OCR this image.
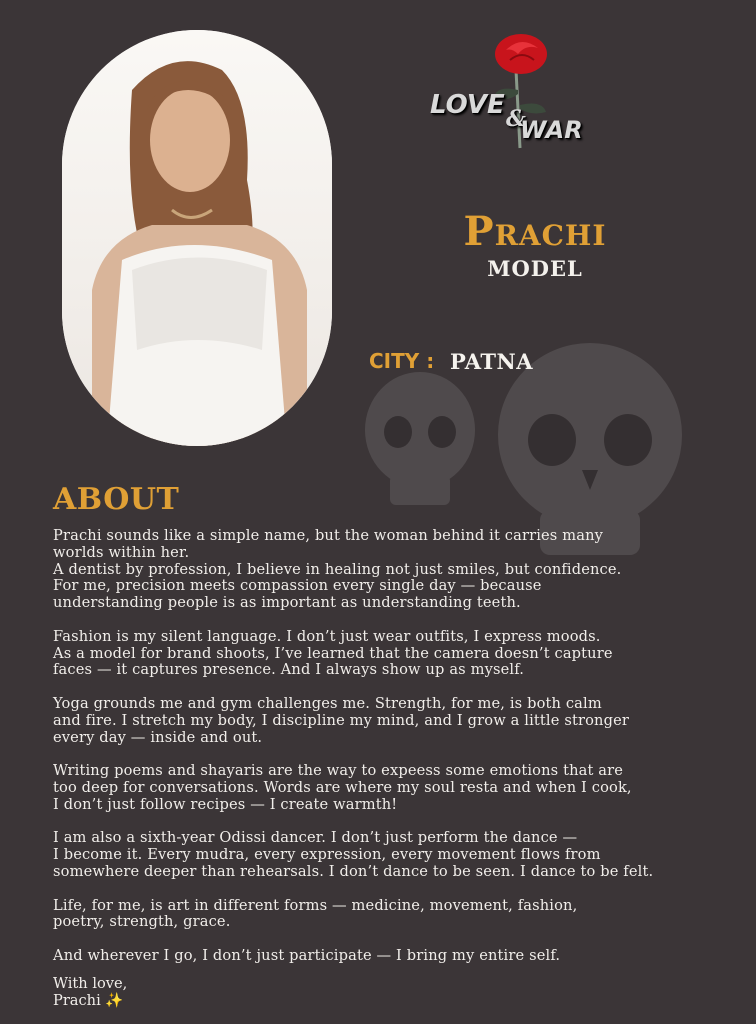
LOVE &
WAR
Prachi
MODEL
CITY : PATNA
ABOUT

Prachi sounds like a simple name, but the woman behind it carries many
worlds within her.
A dentist by profession, I believe in healing not just smiles, but confidence.
For me, precision meets compassion every single day — because
understanding people is as important as understanding teeth.

Fashion is my silent language. I don’t just wear outfits, I express moods.
As a model for brand shoots, I’ve learned that the camera doesn’t capture
faces — it captures presence. And I always show up as myself.

Yoga grounds me and gym challenges me. Strength, for me, is both calm
and fire. I stretch my body, I discipline my mind, and I grow a little stronger
every day — inside and out.

Writing poems and shayaris are the way to expeess some emotions that are
too deep for conversations. Words are where my soul resta and when I cook,
I don’t just follow recipes — I create warmth!

I am also a sixth-year Odissi dancer. I don’t just perform the dance —
I become it. Every mudra, every expression, every movement flows from
somewhere deeper than rehearsals. I don’t dance to be seen. I dance to be felt.

Life, for me, is art in different forms — medicine, movement, fashion,
poetry, strength, grace.

And wherever I go, I don’t just participate — I bring my entire self.

With love,
Prachi ✨
